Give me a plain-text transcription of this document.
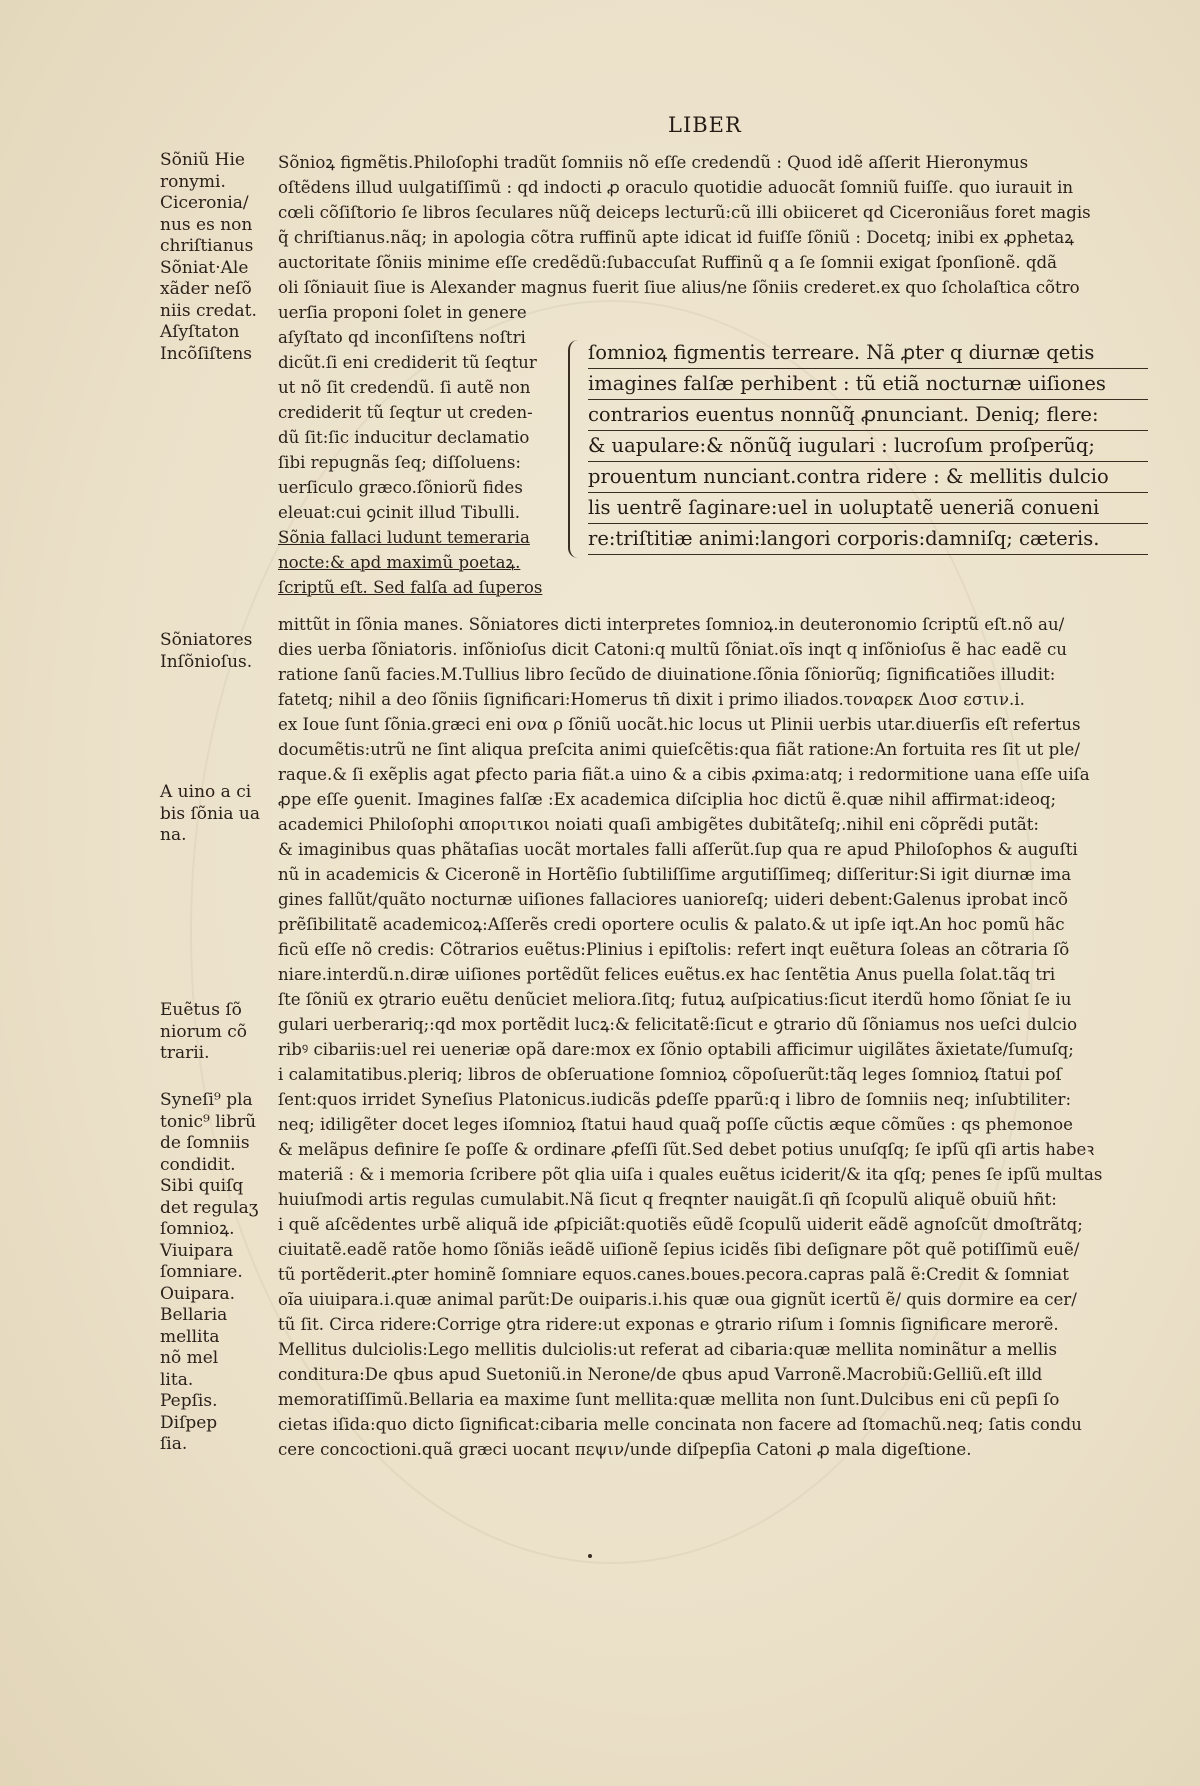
LIBER
Sõniũ Hie
ronymi.
Ciceronia/
nus es non
chriſtianus
Sõniat·Ale
xãder neſõ
niis credat.
Aſyſtaton
Incõſiſtens
Sõniatores
Inſõnioſus.
A uino a ci
bis ſõnia ua
na.
Euẽtus ſõ
niorum cõ
trarii.
Syneſi⁹ pla
tonic⁹ librũ
de ſomniis
condidit.
Sibi quiſq
det regulaʒ
ſomnioꝝ.
Viuipara
ſomniare.
Ouipara.
Bellaria
mellita
nõ mel
lita.
Pepſis.
Diſpep
ſia.
Sõnioꝝ figmẽtis.Philoſophi tradũt ſomniis nõ eſſe credendũ : Quod idẽ aſſerit Hieronymus
oſtẽdens illud uulgatiſſimũ : qd indocti ꝓ oraculo quotidie aduocãt ſomniũ fuiſſe. quo iurauit in
cœli cõſiſtorio ſe libros ſeculares nũq̃ deiceps lecturũ:cũ illi obiiceret qd Ciceroniãus foret magis
q̃ chriſtianus.nãq; in apologia cõtra ruffinũ apte idicat id fuiſſe ſõniũ : Docetq; inibi ex ꝓphetaꝝ
auctoritate ſõniis minime eſſe credẽdũ:ſubaccuſat Ruffinũ q a ſe ſomnii exigat ſponſionẽ. qdã
oli ſõniauit ſiue is Alexander magnus fuerit ſiue alius/ne ſõniis crederet.ex quo ſcholaſtica cõtro
uerſia proponi ſolet in genere
aſyſtato qd inconſiſtens noſtri
dicũt.ſi eni crediderit tũ ſeqtur
ut nõ ſit credendũ. ſi autẽ non
crediderit tũ ſeqtur ut creden-
dũ ſit:ſic inducitur declamatio
ſibi repugnãs ſeq; diſſoluens:
uerſiculo græco.ſõniorũ fides
eleuat:cui ꝯcinit illud Tibulli.
Sõnia fallaci ludunt temeraria
nocte:& apd maximũ poetaꝝ.
ſcriptũ eſt. Sed falſa ad ſuperos
ſomnioꝝ figmentis terreare. Nã ꝓter q diurnæ qetis
imagines falſæ perhibent : tũ etiã nocturnæ uiſiones
contrarios euentus nonnũq̃ ꝓnunciant. Deniq; flere:
& uapulare:& nõnũq̃ iugulari : lucroſum proſperũq;
prouentum nunciant.contra ridere : & mellitis dulcio
lis uentrẽ ſaginare:uel in uoluptatẽ ueneriã conueni
re:triſtitiæ animi:langori corporis:damniſq; cæteris.
mittũt in ſõnia manes. Sõniatores dicti interpretes ſomnioꝝ.in deuteronomio ſcriptũ eſt.nõ au/
dies uerba ſõniatoris. inſõnioſus dicit Catoni:q multũ ſõniat.oĩs inqt q inſõnioſus ẽ hac eadẽ cu
ratione ſanũ facies.M.Tullius libro ſecũdo de diuinatione.ſõnia ſõniorũq; ſignificatiões illudit:
fatetq; nihil a deo ſõniis ſignificari:Homerus tñ dixit i primo iliados.τοναρεκ Διοσ εστιν.i.
ex Ioue ſunt ſõnia.græci eni ονα ρ ſõniũ uocãt.hic locus ut Plinii uerbis utar.diuerſis eſt refertus
documẽtis:utrũ ne ſint aliqua preſcita animi quieſcẽtis:qua fiãt ratione:An fortuita res ſit ut ple/
raque.& ſi exẽplis agat ꝑfecto paria fiãt.a uino & a cibis ꝓxima:atq; i redormitione uana eſſe uiſa
ꝓpe eſſe ꝯuenit. Imagines falſæ :Ex academica diſciplia hoc dictũ ẽ.quæ nihil affirmat:ideoq;
academici Philoſophi αποριτικοι noiati quaſi ambigẽtes dubitãteſq;.nihil eni cõprẽdi putãt:
& imaginibus quas phãtaſias uocãt mortales falli aſſerũt.ſup qua re apud Philoſophos & auguſti
nũ in academicis & Ciceronẽ in Hortẽſio ſubtiliſſime argutiſſimeq; diſſeritur:Si igit diurnæ ima
gines fallũt/quãto nocturnæ uiſiones fallaciores uanioreſq; uideri debent:Galenus iprobat incõ
prẽſibilitatẽ academicoꝝ:Aſſerẽs credi oportere oculis & palato.& ut ipſe iqt.An hoc pomũ hãc
ficũ eſſe nõ credis: Cõtrarios euẽtus:Plinius i epiſtolis: refert inqt euẽtura ſoleas an cõtraria ſõ
niare.interdũ.n.diræ uiſiones portẽdũt felices euẽtus.ex hac ſentẽtia Anus puella ſolat.tãq tri
ſte ſõniũ ex ꝯtrario euẽtu denũciet meliora.ſitq; futuꝝ auſpicatius:ſicut iterdũ homo ſõniat ſe iu
gulari uerberariq;:qd mox portẽdit lucꝝ:& felicitatẽ:ſicut e ꝯtrario dũ ſõniamus nos ueſci dulcio
ribꝰ cibariis:uel rei ueneriæ opã dare:mox ex ſõnio optabili afficimur uigilãtes ãxietate/ſumuſq;
i calamitatibus.pleriq; libros de obſeruatione ſomnioꝝ cõpoſuerũt:tãq leges ſomnioꝝ ſtatui poſ
ſent:quos irridet Syneſius Platonicus.iudicãs ꝑdeſſe pparũ:q i libro de ſomniis neq; inſubtiliter:
neq; idiligẽter docet leges iſomnioꝝ ſtatui haud quaq̃ poſſe cũctis æque cõmũes : qs phemonoe
& melãpus definire ſe poſſe & ordinare ꝓfeſſi ſũt.Sed debet potius unuſqſq; ſe ipſũ qſi artis habeꝛ
materiã : & i memoria ſcribere põt qlia uiſa i quales euẽtus iciderit/& ita qſq; penes ſe ipſũ multas
huiuſmodi artis regulas cumulabit.Nã ſicut q freqnter nauigãt.ſi qñ ſcopulũ aliquẽ obuiũ hñt:
i quẽ aſcẽdentes urbẽ aliquã ide ꝓſpiciãt:quotiẽs eũdẽ ſcopulũ uiderit eãdẽ agnoſcũt dmoſtrãtq;
ciuitatẽ.eadẽ ratõe homo ſõniãs ieãdẽ uiſionẽ ſepius icidẽs ſibi deſignare põt quẽ potiſſimũ euẽ/
tũ portẽderit.ꝓter hominẽ ſomniare equos.canes.boues.pecora.capras palã ẽ:Credit & ſomniat
oĩa uiuipara.i.quæ animal parũt:De ouiparis.i.his quæ oua gignũt icertũ ẽ/ quis dormire ea cer/
tũ ſit. Circa ridere:Corrige ꝯtra ridere:ut exponas e ꝯtrario riſum i ſomnis ſignificare merorẽ.
Mellitus dulciolis:Lego mellitis dulciolis:ut referat ad cibaria:quæ mellita nominãtur a mellis
conditura:De qbus apud Suetoniũ.in Nerone/de qbus apud Varronẽ.Macrobiũ:Gelliũ.eſt illd
memoratiſſimũ.Bellaria ea maxime ſunt mellita:quæ mellita non ſunt.Dulcibus eni cũ pepſi ſo
cietas iſida:quo dicto ſignificat:cibaria melle concinata non facere ad ſtomachũ.neq; ſatis condu
cere concoctioni.quã græci uocant πεψιν/unde diſpepſia Catoni ꝓ mala digeſtione.
